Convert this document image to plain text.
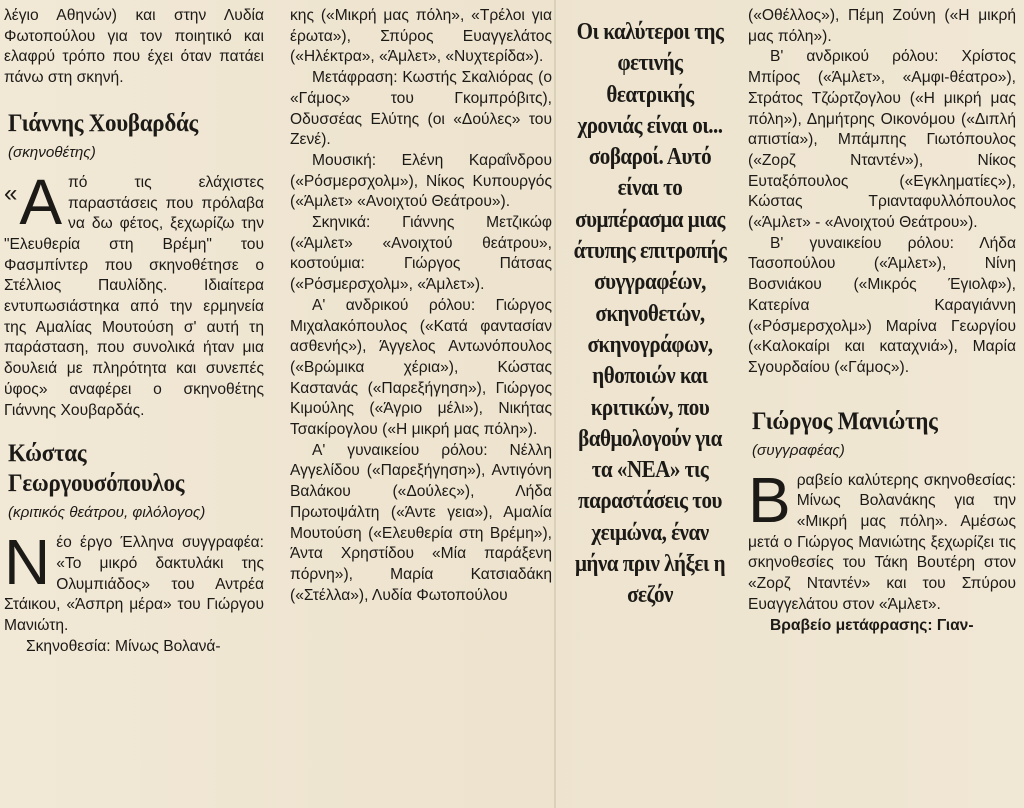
λέγιο Αθηνών) και στην Λυδία Φωτοπούλου για τον ποιητικό και ελαφρύ τρόπο που έχει όταν πατάει πάνω στη σκηνή.

Γιάννης Χουβαρδάς
(σκηνοθέτης)
« Α πό τις ελάχιστες παραστάσεις που πρόλαβα να δω φέτος, ξεχωρίζω την "Ελευθερία στη Βρέμη" του Φασμπίντερ που σκηνοθέτησε ο Στέλλιος Παυλίδης. Ιδιαίτερα εντυπωσιάστηκα από την ερμηνεία της Αμαλίας Μουτούση σ' αυτή τη παράσταση, που συνολικά ήταν μια δουλειά με πληρότητα και συνεπές ύφος» αναφέρει ο σκηνοθέτης Γιάννης Χουβαρδάς.

Κώστας
Γεωργουσόπουλος
(κριτικός θεάτρου, φιλόλογος)
Ν έο έργο Έλληνα συγγραφέα: «Το μικρό δακτυλάκι της Ολυμπιάδος» του Αντρέα Στάικου, «Άσπρη μέρα» του Γιώργου Μανιώτη.

Σκηνοθεσία: Μίνως Βολανά-

κης («Μικρή μας πόλη», «Τρέλοι για έρωτα»), Σπύρος Ευαγγελάτος («Ηλέκτρα», «Άμλετ», «Νυχτερίδα»).

Μετάφραση: Κωστής Σκαλιόρας (ο «Γάμος» του Γκομπρόβιτς), Οδυσσέας Ελύτης (οι «Δούλες» του Ζενέ).

Μουσική: Ελένη Καραΐνδρου («Ρόσμερσχολμ»), Νίκος Κυπουργός («Άμλετ» «Ανοιχτού Θεάτρου»).

Σκηνικά: Γιάννης Μετζικώφ («Άμλετ» «Ανοιχτού θεάτρου», κοστούμια: Γιώργος Πάτσας («Ρόσμερσχολμ», «Άμλετ»).

Α' ανδρικού ρόλου: Γιώργος Μιχαλακόπουλος («Κατά φαντασίαν ασθενής»), Άγγελος Αντωνόπουλος («Βρώμικα χέρια»), Κώστας Καστανάς («Παρεξήγηση»), Γιώργος Κιμούλης («Άγριο μέλι»), Νικήτας Τσακίρογλου («Η μικρή μας πόλη»).

Α' γυναικείου ρόλου: Νέλλη Αγγελίδου («Παρεξήγηση»), Αντιγόνη Βαλάκου («Δούλες»), Λήδα Πρωτοψάλτη («Άντε γεια»), Αμαλία Μουτούση («Ελευθερία στη Βρέμη»), Άντα Χρηστίδου «Μία παράξενη πόρνη»), Μαρία Κατσιαδάκη («Στέλλα»), Λυδία Φωτοπούλου

Οι καλύτεροι της
φετινής
θεατρικής
χρονιάς είναι οι...
σοβαροί. Αυτό
είναι το
συμπέρασμα μιας
άτυπης επιτροπής
συγγραφέων,
σκηνοθετών,
σκηνογράφων,
ηθοποιών και
κριτικών, που
βαθμολογούν για
τα «ΝΕΑ» τις
παραστάσεις του
χειμώνα, έναν
μήνα πριν λήξει η
σεζόν

(«Οθέλλος»), Πέμη Ζούνη («Η μικρή μας πόλη»).

Β' ανδρικού ρόλου: Χρίστος Μπίρος («Άμλετ», «Αμφι-θέατρο»), Στράτος Τζώρτζογλου («Η μικρή μας πόλη»), Δημήτρης Οικονόμου («Διπλή απιστία»), Μπάμπης Γιωτόπουλος («Ζορζ Νταντέν»), Νίκος Ευταξόπουλος («Εγκληματίες»), Κώστας Τριανταφυλλόπουλος («Άμλετ» - «Ανοιχτού Θεάτρου»).

Β' γυναικείου ρόλου: Λήδα Τασοπούλου («Άμλετ»), Νίνη Βοσνιάκου («Μικρός Έγιολφ»), Κατερίνα Καραγιάννη («Ρόσμερσχολμ») Μαρίνα Γεωργίου («Καλοκαίρι και καταχνιά»), Μαρία Σγουρδαίου («Γάμος»).

Γιώργος Μανιώτης
(συγγραφέας)
Β ραβείο καλύτερης σκηνοθεσίας: Μίνως Βολανάκης για την «Μικρή μας πόλη». Αμέσως μετά ο Γιώργος Μανιώτης ξεχωρίζει τις σκηνοθεσίες του Τάκη Βουτέρη στον «Ζορζ Νταντέν» και του Σπύρου Ευαγγελάτου στον «Άμλετ».

Βραβείο μετάφρασης: Γιαν-
